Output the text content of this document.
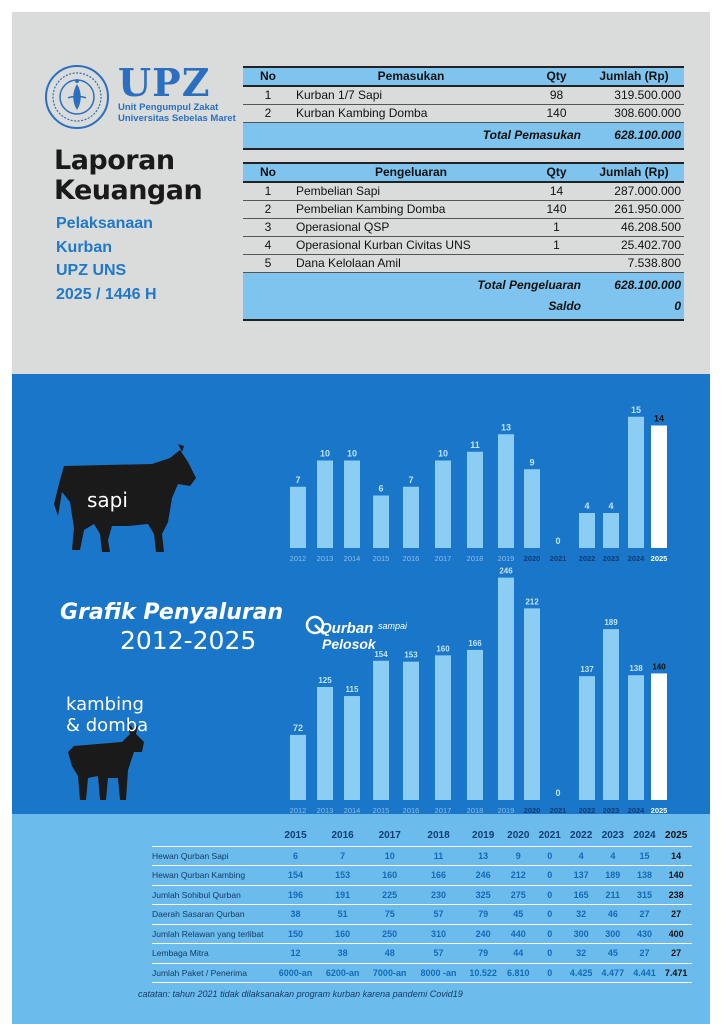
UPZ
Unit Pengumpul Zakat
Universitas Sebelas Maret
Laporan
Keuangan
Pelaksanaan
Kurban
UPZ UNS
2025 / 1446 H
No	Pemasukan	Qty	Jumlah (Rp)
1	Kurban 1/7 Sapi	98	319.500.000
2	Kurban Kambing Domba	140	308.600.000
Total Pemasukan			628.100.000
No	Pengeluaran	Qty	Jumlah (Rp)
1	Pembelian Sapi	14	287.000.000
2	Pembelian Kambing Domba	140	261.950.000
3	Operasional QSP	1	46.208.500
4	Operasional Kurban Civitas UNS	1	25.402.700
5	Dana Kelolaan Amil		7.538.800
Total Pengeluaran			628.100.000
	Saldo	0
7
2012
10
2013
10
2014
6
2015
7
2016
10
2017
11
2018
13
2019
9
2020
0
2021
4
2022
4
2023
15
2024
14
2025
72
2012
125
2013
115
2014
154
2015
153
2016
160
2017
166
2018
246
2019
212
2020
0
2021
137
2022
189
2023
138
2024
140
2025
sapi
Grafik Penyaluran
2012-2025
kambing
& domba
Qurban sampai
Pelosok
	2015	2016	2017	2018	2019	2020	2021	2022	2023	2024	2025
Hewan Qurban Sapi	6	7	10	11	13	9	0	4	4	15	14
Hewan Qurban Kambing	154	153	160	166	246	212	0	137	189	138	140
Jumlah Sohibul Qurban	196	191	225	230	325	275	0	165	211	315	238
Daerah Sasaran Qurban	38	51	75	57	79	45	0	32	46	27	27
Jumlah Relawan yang terlibat	150	160	250	310	240	440	0	300	300	430	400
Lembaga Mitra	12	38	48	57	79	44	0	32	45	27	27
Jumlah Paket / Penerima	6000-an	6200-an	7000-an	8000 -an	10.522	6.810	0	4.425	4.477	4.441	7.471
catatan: tahun 2021 tidak dilaksanakan program kurban karena pandemi Covid19
